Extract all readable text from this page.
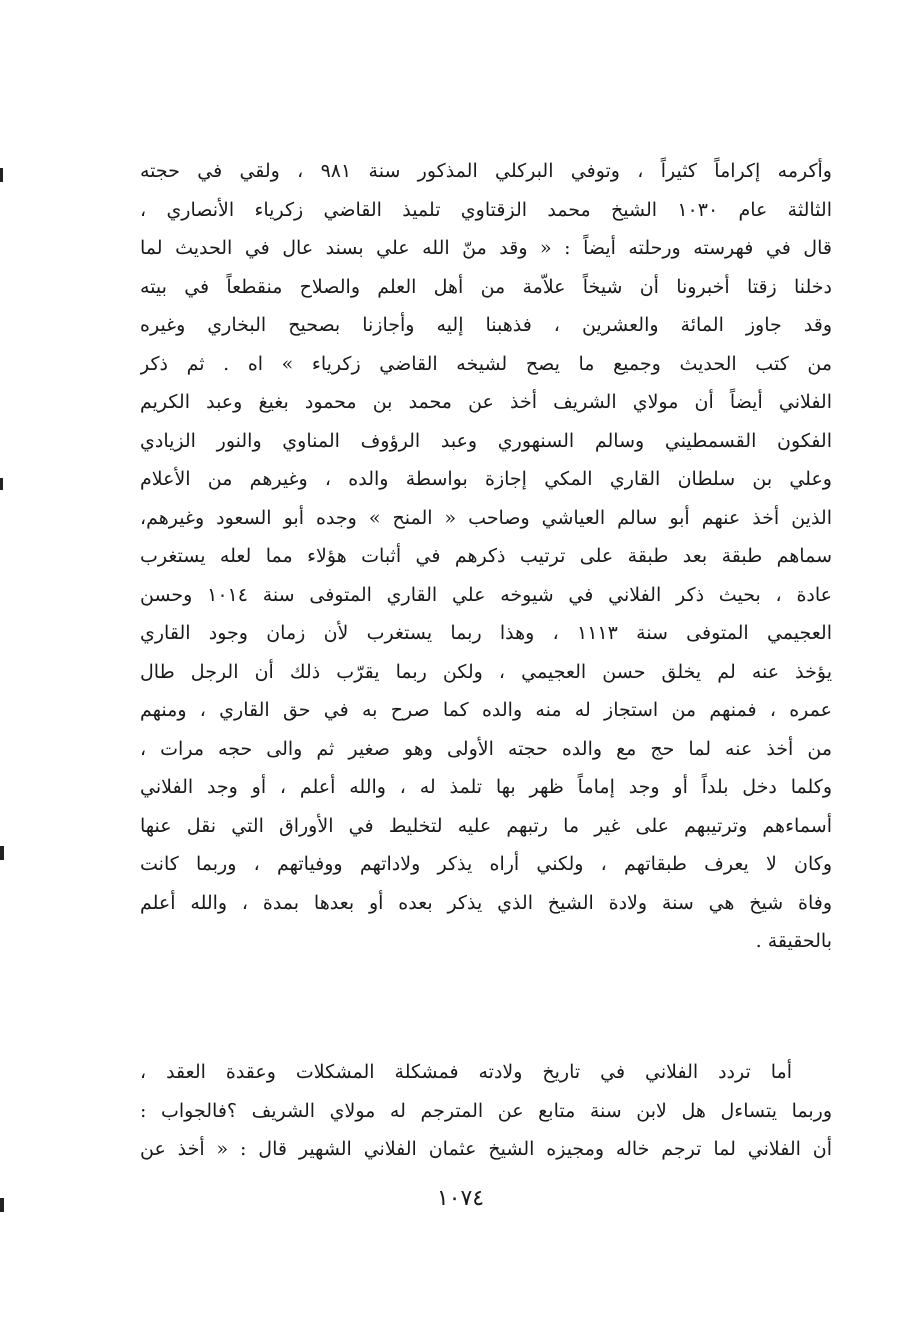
وأكرمه إكراماً كثيراً ، وتوفي البركلي المذكور سنة ٩٨١ ، ولقي في حجته
الثالثة عام ١٠٣٠ الشيخ محمد الزقتاوي تلميذ القاضي زكرياء الأنصاري ،
قال في فهرسته ورحلته أيضاً : « وقد منّ الله علي بسند عال في الحديث لما
دخلنا زقتا أخبرونا أن شيخاً علاّمة من أهل العلم والصلاح منقطعاً في بيته
وقد جاوز المائة والعشرين ، فذهبنا إليه وأجازنا بصحيح البخاري وغيره
من كتب الحديث وجميع ما يصح لشيخه القاضي زكرياء » اه . ثم ذكر
الفلاني أيضاً أن مولاي الشريف أخذ عن محمد بن محمود بغيغ وعبد الكريم
الفكون القسمطيني وسالم السنهوري وعبد الرؤوف المناوي والنور الزيادي
وعلي بن سلطان القاري المكي إجازة بواسطة والده ، وغيرهم من الأعلام
الذين أخذ عنهم أبو سالم العياشي وصاحب « المنح » وجده أبو السعود وغيرهم،
سماهم طبقة بعد طبقة على ترتيب ذكرهم في أثبات هؤلاء مما لعله يستغرب
عادة ، بحيث ذكر الفلاني في شيوخه علي القاري المتوفى سنة ١٠١٤ وحسن
العجيمي المتوفى سنة ١١١٣ ، وهذا ربما يستغرب لأن زمان وجود القاري
يؤخذ عنه لم يخلق حسن العجيمي ، ولكن ربما يقرّب ذلك أن الرجل طال
عمره ، فمنهم من استجاز له منه والده كما صرح به في حق القاري ، ومنهم
من أخذ عنه لما حج مع والده حجته الأولى وهو صغير ثم والى حجه مرات ،
وكلما دخل بلداً أو وجد إماماً ظهر بها تلمذ له ، والله أعلم ، أو وجد الفلاني
أسماءهم وترتيبهم على غير ما رتبهم عليه لتخليط في الأوراق التي نقل عنها
وكان لا يعرف طبقاتهم ، ولكني أراه يذكر ولاداتهم ووفياتهم ، وربما كانت
وفاة شيخ هي سنة ولادة الشيخ الذي يذكر بعده أو بعدها بمدة ، والله أعلم
بالحقيقة .
أما تردد الفلاني في تاريخ ولادته فمشكلة المشكلات وعقدة العقد ،
وربما يتساءل هل لابن سنة متابع عن المترجم له مولاي الشريف ؟فالجواب :
أن الفلاني لما ترجم خاله ومجيزه الشيخ عثمان الفلاني الشهير قال : « أخذ عن
١٠٧٤
